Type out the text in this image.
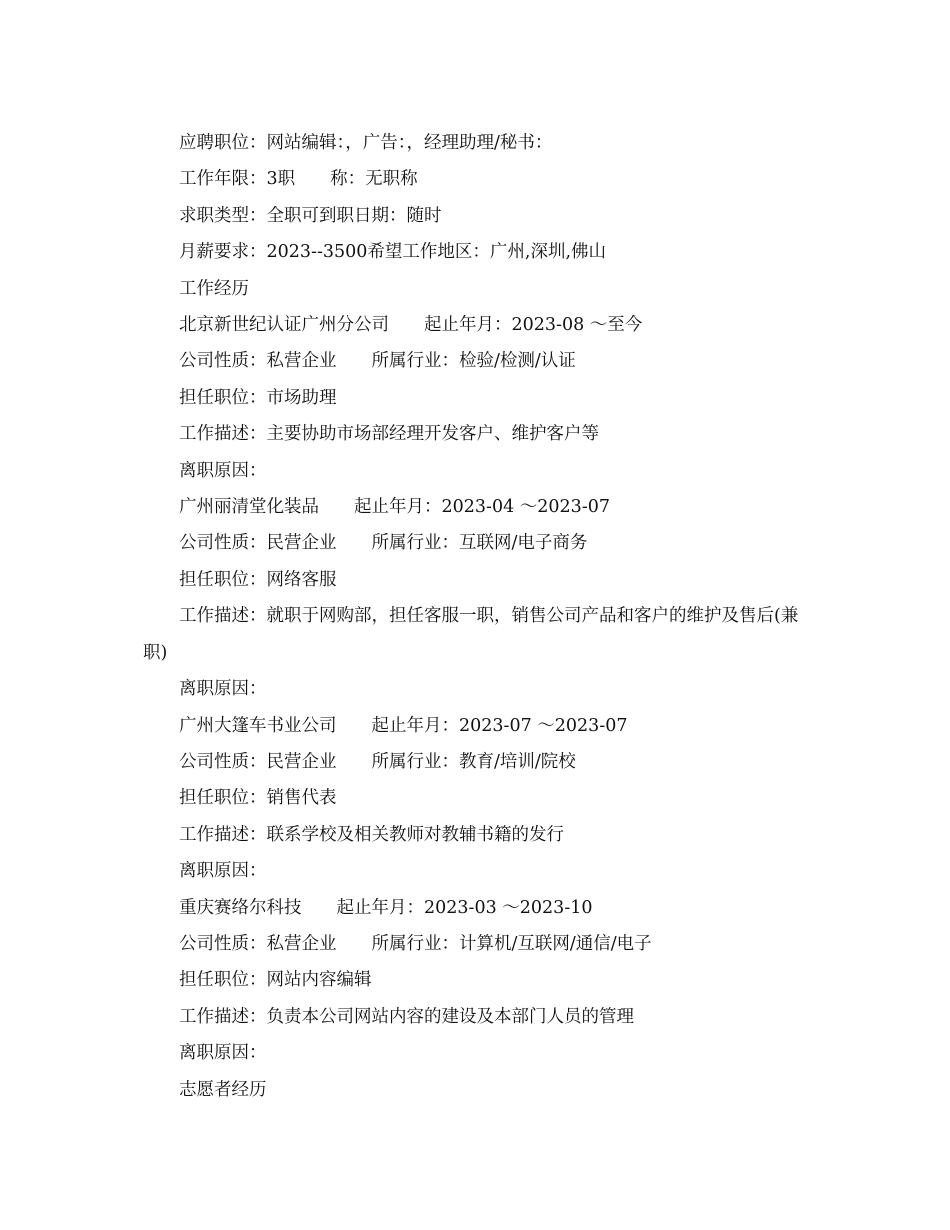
应聘职位：网站编辑：，广告：，经理助理/秘书：

工作年限：3职　　称：无职称

求职类型：全职可到职日期：随时

月薪要求：2023--3500希望工作地区：广州,深圳,佛山

工作经历

北京新世纪认证广州分公司　　起止年月：2023-08 ～至今

公司性质：私营企业　　所属行业：检验/检测/认证

担任职位：市场助理

工作描述：主要协助市场部经理开发客户、维护客户等

离职原因：

广州丽清堂化装品　　起止年月：2023-04 ～2023-07

公司性质：民营企业　　所属行业：互联网/电子商务

担任职位：网络客服

工作描述：就职于网购部，担任客服一职，销售公司产品和客户的维护及售后(兼职)

离职原因：

广州大篷车书业公司　　起止年月：2023-07 ～2023-07

公司性质：民营企业　　所属行业：教育/培训/院校

担任职位：销售代表

工作描述：联系学校及相关教师对教辅书籍的发行

离职原因：

重庆赛络尔科技　　起止年月：2023-03 ～2023-10

公司性质：私营企业　　所属行业：计算机/互联网/通信/电子

担任职位：网站内容编辑

工作描述：负责本公司网站内容的建设及本部门人员的管理

离职原因：

志愿者经历
